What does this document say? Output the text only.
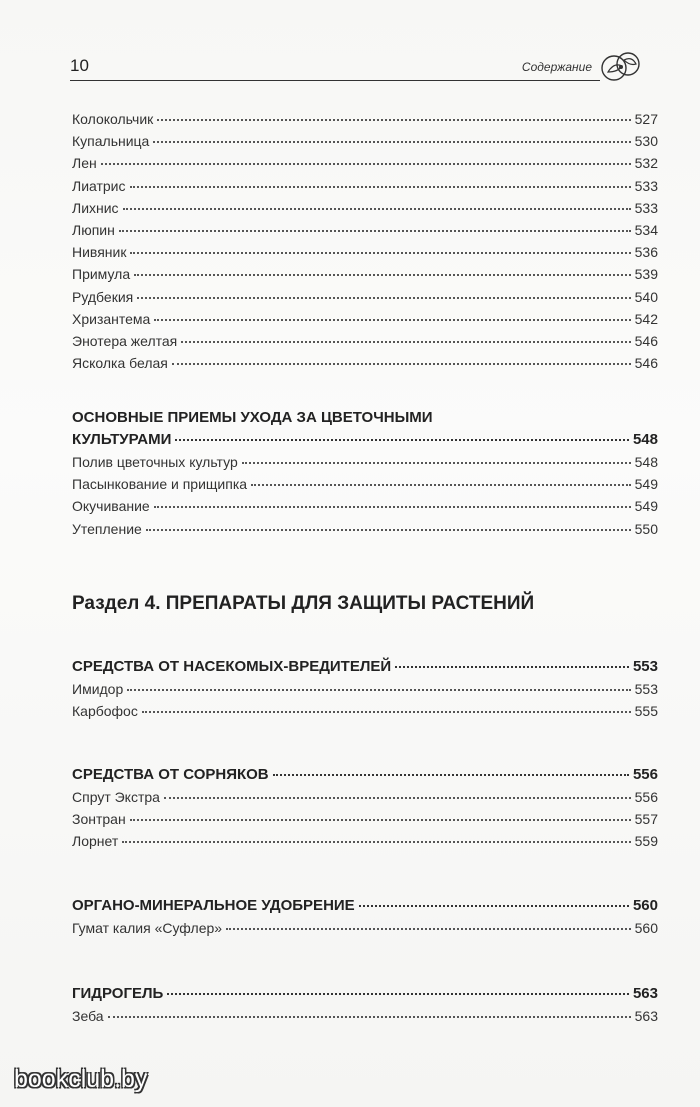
10	Содержание
Колокольчик	527
Купальница	530
Лен	532
Лиатрис	533
Лихнис	533
Люпин	534
Нивяник	536
Примула	539
Рудбекия	540
Хризантема	542
Энотера желтая	546
Ясколка белая	546
ОСНОВНЫЕ ПРИЕМЫ УХОДА ЗА ЦВЕТОЧНЫМИ
КУЛЬТУРАМИ	548
Полив цветочных культур	548
Пасынкование и прищипка	549
Окучивание	549
Утепление	550
Раздел 4. ПРЕПАРАТЫ ДЛЯ ЗАЩИТЫ РАСТЕНИЙ
СРЕДСТВА ОТ НАСЕКОМЫХ-ВРЕДИТЕЛЕЙ	553
Имидор	553
Карбофос	555
СРЕДСТВА ОТ СОРНЯКОВ	556
Спрут Экстра	556
Зонтран	557
Лорнет	559
ОРГАНО-МИНЕРАЛЬНОЕ УДОБРЕНИЕ	560
Гумат калия «Суфлер»	560
ГИДРОГЕЛЬ	563
Зеба	563
bookclub.by
